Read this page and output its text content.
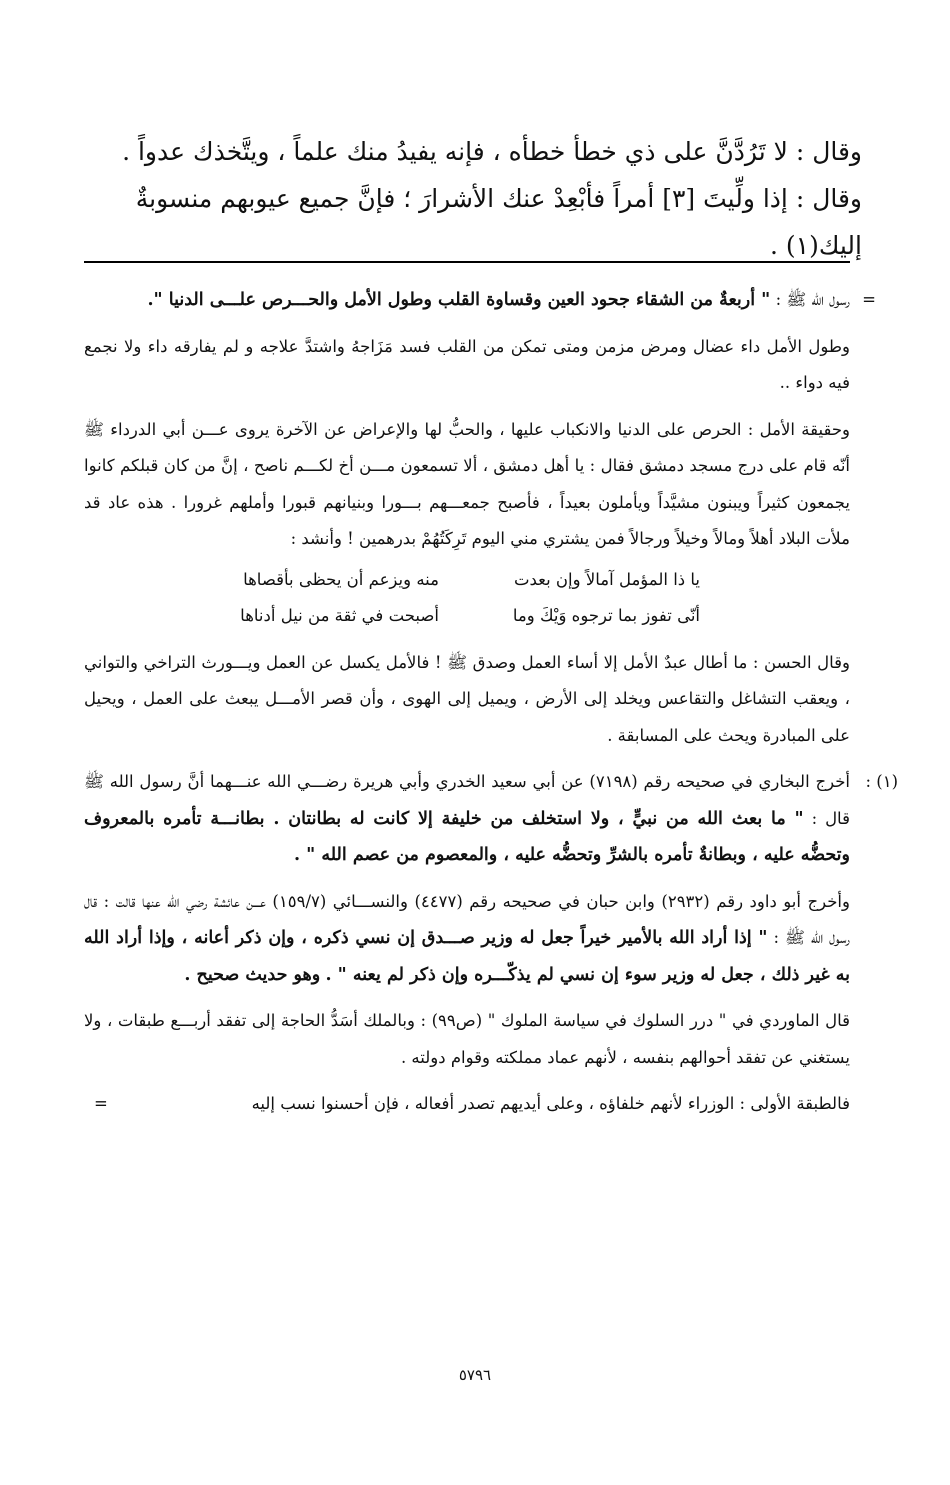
وقال : لا تَرُدَّنَّ على ذي خطأ خطأه ، فإنه يفيدُ منك علماً ، ويتَّخذك عدواً .

وقال : إذا ولِّيتَ [٣] أمراً فأبْعِدْ عنك الأشرارَ ؛ فإنَّ جميع عيوبهم منسوبةٌ إليك(١) .

=
رسول الله ﷺ : " أربعةٌ من الشقاء جحود العين وقساوة القلب وطول الأمل والحـــرص علـــى الدنيا ".

وطول الأمل داء عضال ومرض مزمن ومتى تمكن من القلب فسد مَزَاجهُ واشتدَّ علاجه و لم يفارقه داء ولا نجمع فيه دواء ..

وحقيقة الأمل : الحرص على الدنيا والانكباب عليها ، والحبُّ لها والإعراض عن الآخرة يروى عـــن أبي الدرداء ﷺ أنّه قام على درج مسجد دمشق فقال : يا أهل دمشق ، ألا تسمعون مـــن أخ لكـــم ناصح ، إنَّ من كان قبلكم كانوا يجمعون كثيراً ويبنون مشيَّداً ويأملون بعيداً ، فأصبح جمعـــهم بـــورا وبنيانهم قبورا وأملهم غرورا . هذه عاد قد ملأت البلاد أهلاً ومالاً وخيلاً ورجالاً فمن يشتري مني اليوم تَرِكَتُهُمْ بدرهمين ! وأنشد :

يا ذا المؤمل آمالاً وإن بعدت
منه ويزعم أن يحظى بأقصاها
أنّى تفوز بما ترجوه وَيْكَ وما
أصبحت في ثقة من نيل أدناها

وقال الحسن : ما أطال عبدٌ الأمل إلا أساء العمل وصدق ﷺ ! فالأمل يكسل عن العمل ويـــورث التراخي والتواني ، ويعقب التشاغل والتقاعس ويخلد إلى الأرض ، ويميل إلى الهوى ، وأن قصر الأمـــل يبعث على العمل ، ويحيل على المبادرة ويحث على المسابقة .

(١) :
أخرج البخاري في صحيحه رقم (٧١٩٨) عن أبي سعيد الخدري وأبي هريرة رضـــي الله عنـــهما أنَّ رسول الله ﷺ قال : " ما بعث الله من نبيٍّ ، ولا استخلف من خليفة إلا كانت له بطانتان . بطانـــة تأمره بالمعروف وتحضُّه عليه ، وبطانةٌ تأمره بالشرِّ وتحضُّه عليه ، والمعصوم من عصم الله " .

وأخرج أبو داود رقم (٢٩٣٢) وابن حبان في صحيحه رقم (٤٤٧٧) والنســـائي (١٥٩/٧) عـــن عائشة رضي الله عنها قالت : قال رسول الله ﷺ : " إذا أراد الله بالأمير خيراً جعل له وزير صـــدق إن نسي ذكره ، وإن ذكر أعانه ، وإذا أراد الله به غير ذلك ، جعل له وزير سوء إن نسي لم يذكّـــره وإن ذكر لم يعنه " . وهو حديث صحيح .

قال الماوردي في " درر السلوك في سياسة الملوك " (ص٩٩) : وبالملك أسَدُّ الحاجة إلى تفقد أربـــع طبقات ، ولا يستغني عن تفقد أحوالهم بنفسه ، لأنهم عماد مملكته وقوام دولته .

فالطبقة الأولى : الوزراء لأنهم خلفاؤه ، وعلى أيديهم تصدر أفعاله ، فإن أحسنوا نسب إليه
=

٥٧٩٦
